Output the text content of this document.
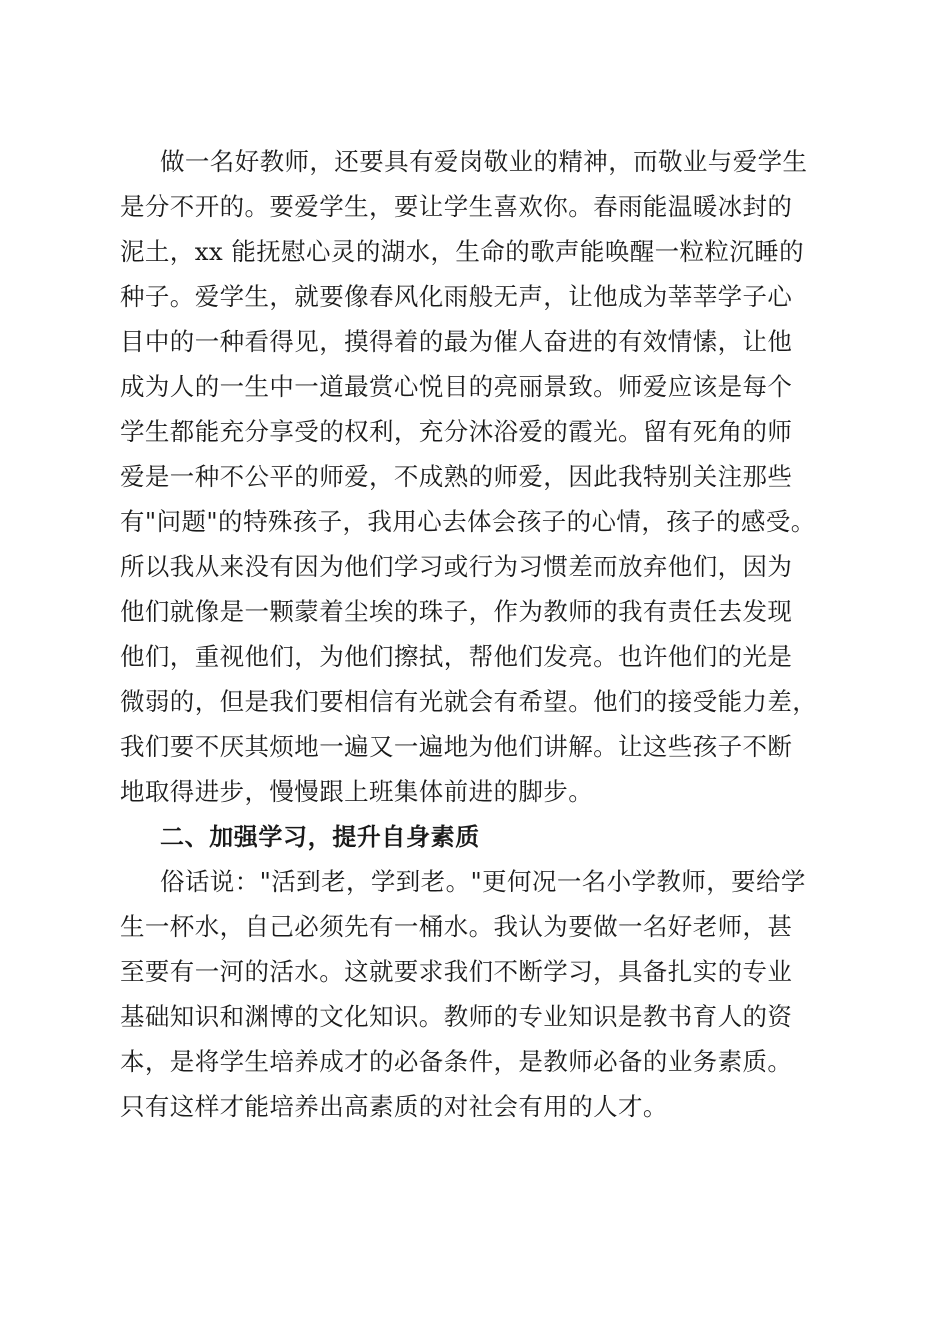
做一名好教师，还要具有爱岗敬业的精神，而敬业与爱学生
是分不开的。要爱学生，要让学生喜欢你。春雨能温暖冰封的
泥土，xx 能抚慰心灵的湖水，生命的歌声能唤醒一粒粒沉睡的
种子。爱学生，就要像春风化雨般无声，让他成为莘莘学子心
目中的一种看得见，摸得着的最为催人奋进的有效情愫，让他
成为人的一生中一道最赏心悦目的亮丽景致。师爱应该是每个
学生都能充分享受的权利，充分沐浴爱的霞光。留有死角的师
爱是一种不公平的师爱，不成熟的师爱，因此我特别关注那些
有"问题"的特殊孩子，我用心去体会孩子的心情，孩子的感受。
所以我从来没有因为他们学习或行为习惯差而放弃他们，因为
他们就像是一颗蒙着尘埃的珠子，作为教师的我有责任去发现
他们，重视他们，为他们擦拭，帮他们发亮。也许他们的光是
微弱的，但是我们要相信有光就会有希望。他们的接受能力差，
我们要不厌其烦地一遍又一遍地为他们讲解。让这些孩子不断
地取得进步，慢慢跟上班集体前进的脚步。
二、加强学习，提升自身素质
俗话说："活到老，学到老。"更何况一名小学教师，要给学
生一杯水，自己必须先有一桶水。我认为要做一名好老师，甚
至要有一河的活水。这就要求我们不断学习，具备扎实的专业
基础知识和渊博的文化知识。教师的专业知识是教书育人的资
本，是将学生培养成才的必备条件，是教师必备的业务素质。
只有这样才能培养出高素质的对社会有用的人才。
